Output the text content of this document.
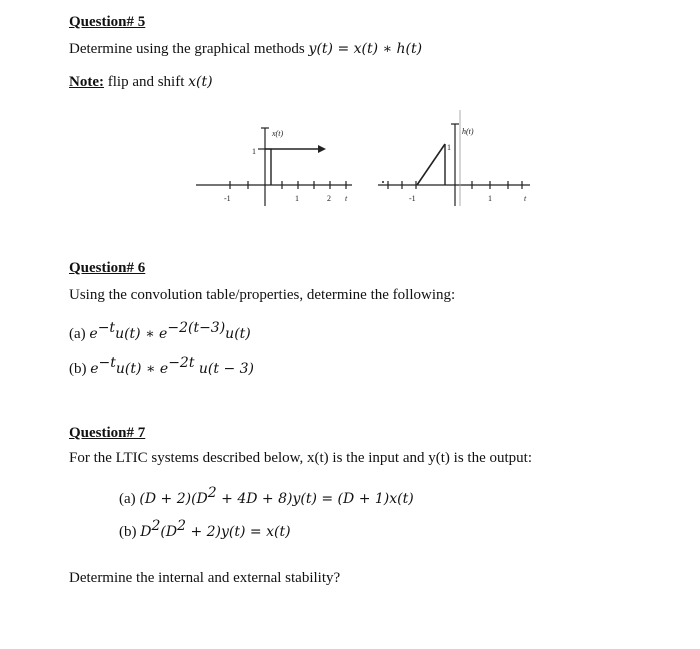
Question# 5
Determine using the graphical methods y(t) = x(t) ∗ h(t)
Note: flip and shift x(t)
x(t)
1
-1	1	2 t
h(t)
1
-1	1	t
Question# 6
Using the convolution table/properties, determine the following:
(a) $e^{-t}u(t)$ ∗ $e^{-2(t-3)}u(t)$
(b) $e^{-t}u(t)$ ∗ $e^{-2t}$ u(t − 3)
Question# 7
For the LTIC systems described below, x(t) is the input and y(t) is the output:
(a) $(D + 2)(D^2 + 4D + 8)y(t) = (D + 1)x(t)$
(b) $D^2(D^2 + 2)y(t) = x(t)$
Determine the internal and external stability?
